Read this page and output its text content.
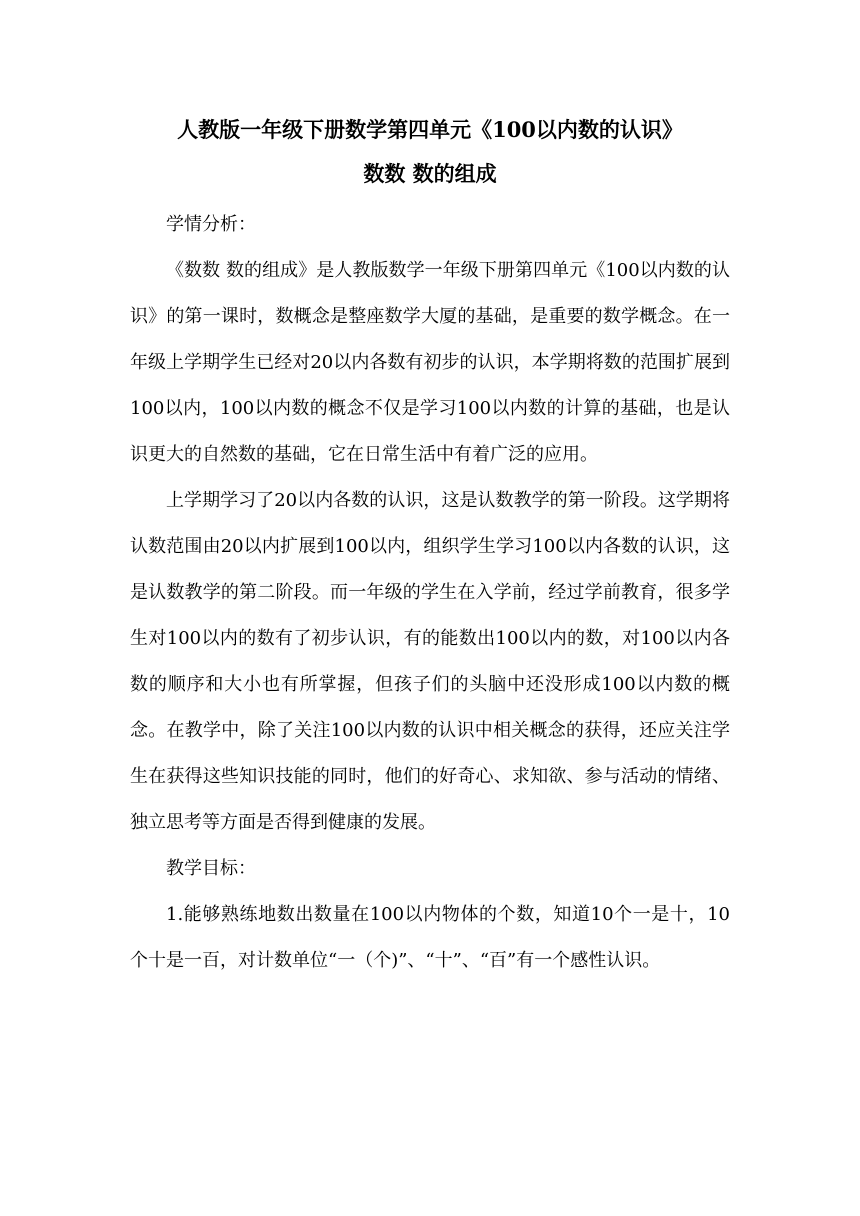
人教版一年级下册数学第四单元《100以内数的认识》
数数 数的组成

学情分析：

《数数 数的组成》是人教版数学一年级下册第四单元《100以内数的认识》的第一课时，数概念是整座数学大厦的基础，是重要的数学概念。在一年级上学期学生已经对20以内各数有初步的认识，本学期将数的范围扩展到100以内，100以内数的概念不仅是学习100以内数的计算的基础，也是认识更大的自然数的基础，它在日常生活中有着广泛的应用。

上学期学习了20以内各数的认识，这是认数教学的第一阶段。这学期将认数范围由20以内扩展到100以内，组织学生学习100以内各数的认识，这是认数教学的第二阶段。而一年级的学生在入学前，经过学前教育，很多学生对100以内的数有了初步认识，有的能数出100以内的数，对100以内各数的顺序和大小也有所掌握，但孩子们的头脑中还没形成100以内数的概念。在教学中，除了关注100以内数的认识中相关概念的获得，还应关注学生在获得这些知识技能的同时，他们的好奇心、求知欲、参与活动的情绪、独立思考等方面是否得到健康的发展。

教学目标：

1.能够熟练地数出数量在100以内物体的个数，知道10个一是十，10个十是一百，对计数单位“一（个)”、“十”、“百”有一个感性认识。
